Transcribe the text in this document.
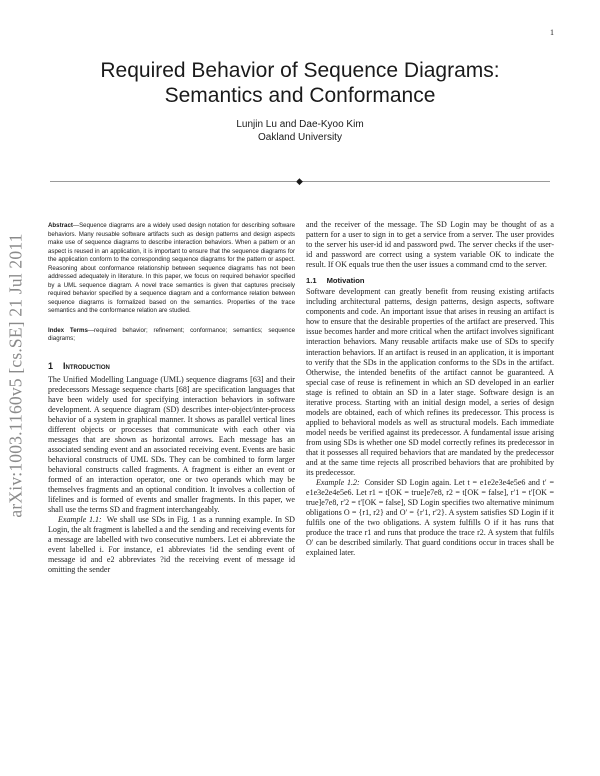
1
arXiv:1003.1160v5 [cs.SE] 21 Jul 2011
Required Behavior of Sequence Diagrams:
Semantics and Conformance
Lunjin Lu and Dae-Kyoo Kim
Oakland University
◆

Abstract—Sequence diagrams are a widely used design notation for describing software behaviors. Many reusable software artifacts such as design patterns and design aspects make use of sequence diagrams to describe interaction behaviors. When a pattern or an aspect is reused in an application, it is important to ensure that the sequence diagrams for the application conform to the corresponding sequence diagrams for the pattern or aspect. Reasoning about conformance relationship between sequence diagrams has not been addressed adequately in literature. In this paper, we focus on required behavior specified by a UML sequence diagram. A novel trace semantics is given that captures precisely required behavior specified by a sequence diagram and a conformance relation between sequence diagrams is formalized based on the semantics. Properties of the trace semantics and the conformance relation are studied.

Index Terms—required behavior; refinement; conformance; semantics; sequence diagrams;

1 Introduction

The Unified Modelling Language (UML) sequence diagrams [63] and their predecessors Message sequence charts [68] are specification languages that have been widely used for specifying interaction behaviors in software development. A sequence diagram (SD) describes inter-object/inter-process behavior of a system in graphical manner. It shows as parallel vertical lines different objects or processes that communicate with each other via messages that are shown as horizontal arrows. Each message has an associated sending event and an associated receiving event. Events are basic behavioral constructs of UML SDs. They can be combined to form larger behavioral constructs called fragments. A fragment is either an event or formed of an interaction operator, one or two operands which may be themselves fragments and an optional condition. It involves a collection of lifelines and is formed of events and smaller fragments. In this paper, we shall use the terms SD and fragment interchangeably.

Example 1.1: We shall use SDs in Fig. 1 as a running example. In SD Login, the alt fragment is labelled a and the sending and receiving events for a message are labelled with two consecutive numbers. Let ei abbreviate the event labelled i. For instance, e1 abbreviates !id the sending event of message id and e2 abbreviates ?id the receiving event of message id omitting the sender

and the receiver of the message. The SD Login may be thought of as a pattern for a user to sign in to get a service from a server. The user provides to the server his user-id id and password pwd. The server checks if the user-id and password are correct using a system variable OK to indicate the result. If OK equals true then the user issues a command cmd to the server.

1.1 Motivation

Software development can greatly benefit from reusing existing artifacts including architectural patterns, design patterns, design aspects, software components and code. An important issue that arises in reusing an artifact is how to ensure that the desirable properties of the artifact are preserved. This issue becomes harder and more critical when the artifact involves significant interaction behaviors. Many reusable artifacts make use of SDs to specify interaction behaviors. If an artifact is reused in an application, it is important to verify that the SDs in the application conforms to the SDs in the artifact. Otherwise, the intended benefits of the artifact cannot be guaranteed. A special case of reuse is refinement in which an SD developed in an earlier stage is refined to obtain an SD in a later stage. Software design is an iterative process. Starting with an initial design model, a series of design models are obtained, each of which refines its predecessor. This process is applied to behavioral models as well as structural models. Each immediate model needs be verified against its predecessor. A fundamental issue arising from using SDs is whether one SD model correctly refines its predecessor in that it possesses all required behaviors that are mandated by the predecessor and at the same time rejects all proscribed behaviors that are prohibited by its predecessor.

Example 1.2: Consider SD Login again. Let t = e1e2e3e4e5e6 and t′ = e1e3e2e4e5e6. Let r1 = t[OK = true]e7e8, r2 = t[OK = false], r′1 = t′[OK = true]e7e8, r′2 = t′[OK = false], SD Login specifies two alternative minimum obligations O = {r1, r2} and O′ = {r′1, r′2}. A system satisfies SD Login if it fulfils one of the two obligations. A system fulfills O if it has runs that produce the trace r1 and runs that produce the trace r2. A system that fulfils O′ can be described similarly. That guard conditions occur in traces shall be explained later.
